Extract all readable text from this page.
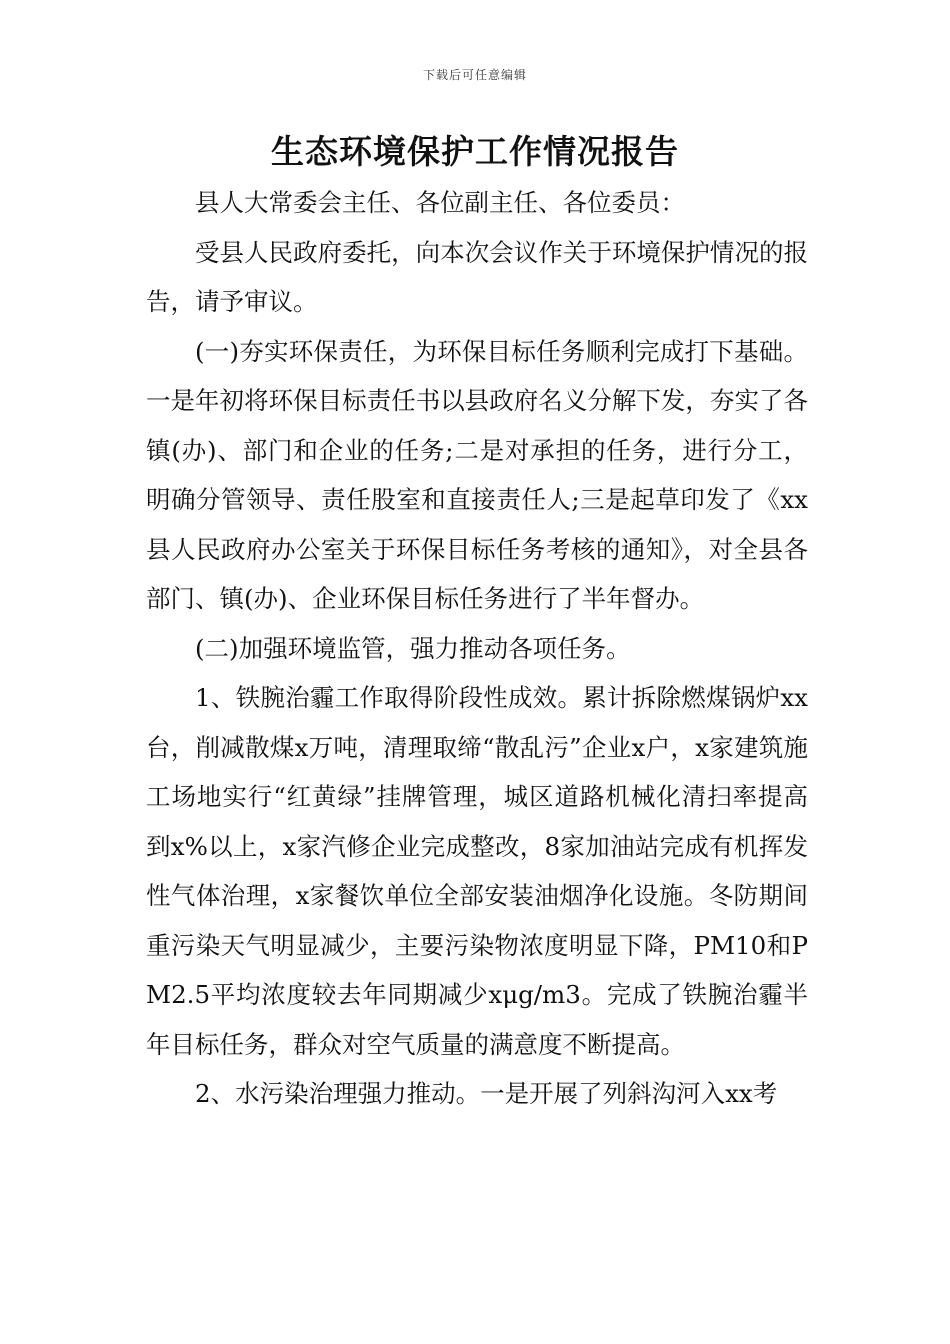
下载后可任意编辑
生态环境保护工作情况报告

县人大常委会主任、各位副主任、各位委员：

受县人民政府委托，向本次会议作关于环境保护情况的报告，请予审议。

(一)夯实环保责任，为环保目标任务顺利完成打下基础。一是年初将环保目标责任书以县政府名义分解下发，夯实了各镇(办)、部门和企业的任务;二是对承担的任务，进行分工，明确分管领导、责任股室和直接责任人;三是起草印发了《xx县人民政府办公室关于环保目标任务考核的通知》，对全县各部门、镇(办)、企业环保目标任务进行了半年督办。

(二)加强环境监管，强力推动各项任务。

1、铁腕治霾工作取得阶段性成效。累计拆除燃煤锅炉xx台，削减散煤x万吨，清理取缔“散乱污”企业x户，x家建筑施工场地实行“红黄绿”挂牌管理，城区道路机械化清扫率提高到x%以上，x家汽修企业完成整改，8家加油站完成有机挥发性气体治理，x家餐饮单位全部安装油烟净化设施。冬防期间重污染天气明显减少，主要污染物浓度明显下降，PM10和PM2.5平均浓度较去年同期减少xμg/m3。完成了铁腕治霾半年目标任务，群众对空气质量的满意度不断提高。

2、水污染治理强力推动。一是开展了列斜沟河入xx考
